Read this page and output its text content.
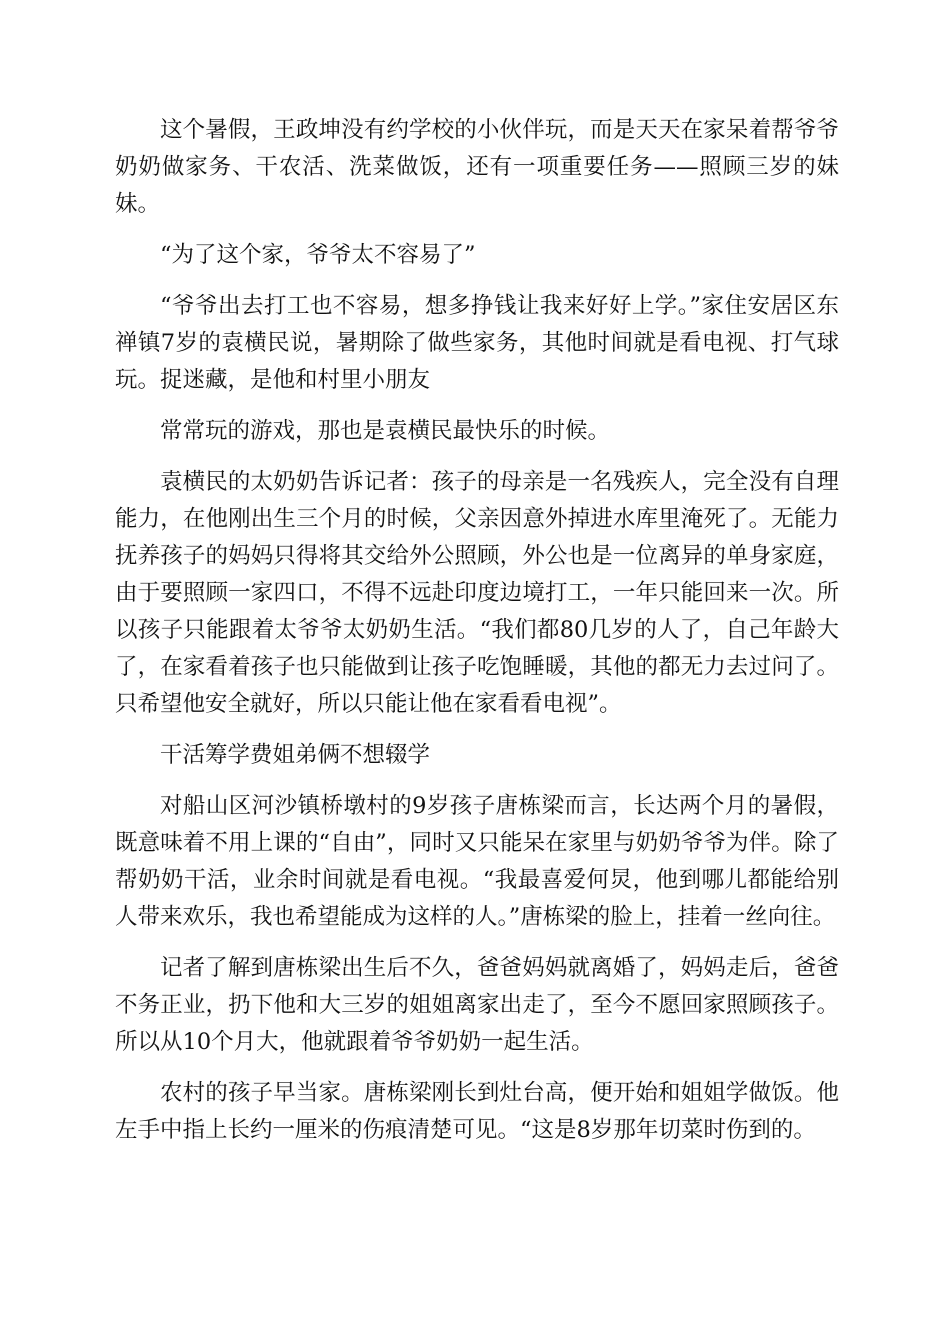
这个暑假，王政坤没有约学校的小伙伴玩，而是天天在家呆着帮爷爷奶奶做家务、干农活、洗菜做饭，还有一项重要任务——照顾三岁的妹妹。

“为了这个家，爷爷太不容易了”

“爷爷出去打工也不容易，想多挣钱让我来好好上学。”家住安居区东禅镇7岁的袁横民说，暑期除了做些家务，其他时间就是看电视、打气球玩。捉迷藏，是他和村里小朋友

常常玩的游戏，那也是袁横民最快乐的时候。

袁横民的太奶奶告诉记者：孩子的母亲是一名残疾人，完全没有自理能力，在他刚出生三个月的时候，父亲因意外掉进水库里淹死了。无能力抚养孩子的妈妈只得将其交给外公照顾，外公也是一位离异的单身家庭，由于要照顾一家四口，不得不远赴印度边境打工，一年只能回来一次。所以孩子只能跟着太爷爷太奶奶生活。“我们都80几岁的人了，自己年龄大了，在家看着孩子也只能做到让孩子吃饱睡暖，其他的都无力去过问了。只希望他安全就好，所以只能让他在家看看电视”。

干活筹学费姐弟俩不想辍学

对船山区河沙镇桥墩村的9岁孩子唐栋梁而言，长达两个月的暑假，既意味着不用上课的“自由”，同时又只能呆在家里与奶奶爷爷为伴。除了帮奶奶干活，业余时间就是看电视。“我最喜爱何炅，他到哪儿都能给别人带来欢乐，我也希望能成为这样的人。”唐栋梁的脸上，挂着一丝向往。

记者了解到唐栋梁出生后不久，爸爸妈妈就离婚了，妈妈走后，爸爸不务正业，扔下他和大三岁的姐姐离家出走了，至今不愿回家照顾孩子。所以从10个月大，他就跟着爷爷奶奶一起生活。

农村的孩子早当家。唐栋梁刚长到灶台高，便开始和姐姐学做饭。他左手中指上长约一厘米的伤痕清楚可见。“这是8岁那年切菜时伤到的。
